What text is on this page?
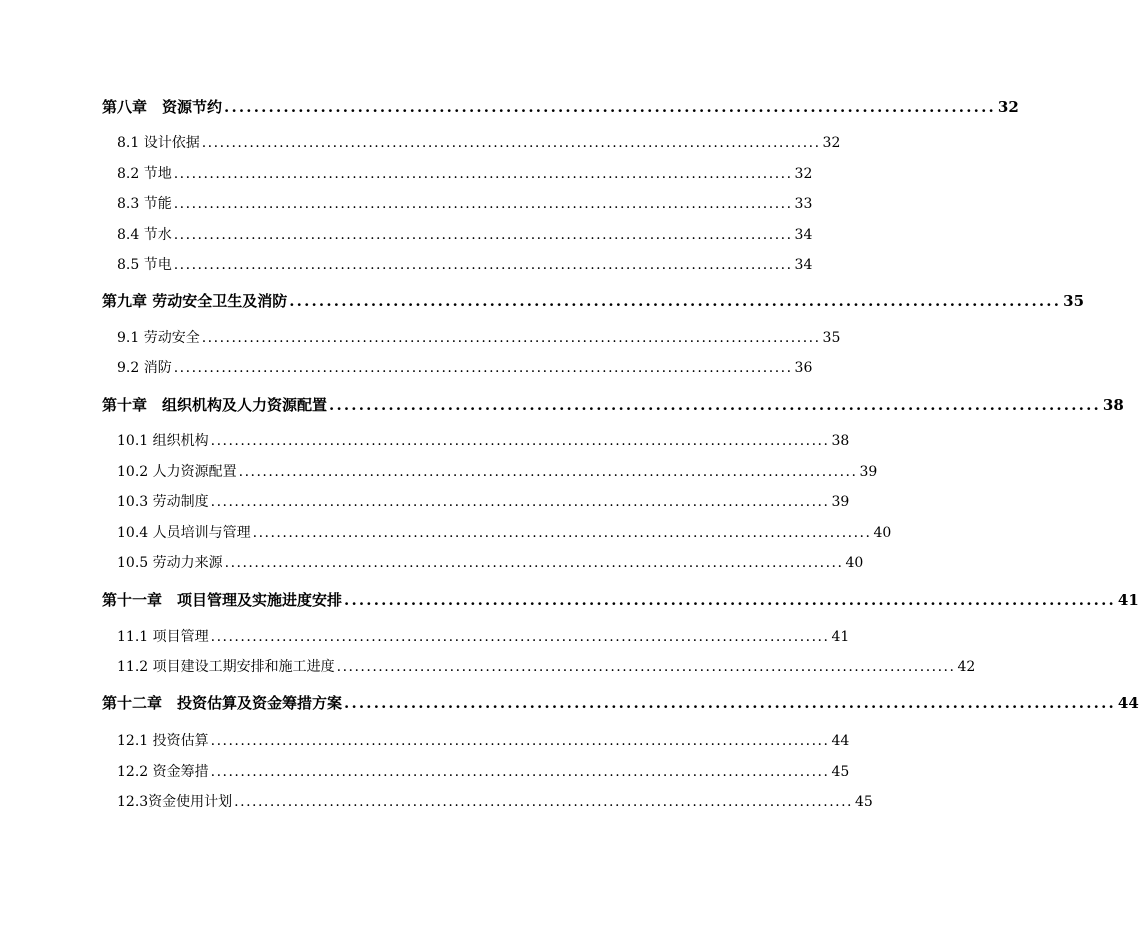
第八章　资源节约 ........................................................................................................ 32
8.1 设计依据 ........................................................................................................ 32
8.2 节地 ........................................................................................................ 32
8.3 节能 ........................................................................................................ 33
8.4 节水 ........................................................................................................ 34
8.5 节电 ........................................................................................................ 34
第九章 劳动安全卫生及消防 ........................................................................................................ 35
9.1 劳动安全 ........................................................................................................ 35
9.2 消防 ........................................................................................................ 36
第十章　组织机构及人力资源配置 ........................................................................................................ 38
10.1 组织机构 ........................................................................................................ 38
10.2 人力资源配置 ........................................................................................................ 39
10.3 劳动制度 ........................................................................................................ 39
10.4 人员培训与管理 ........................................................................................................ 40
10.5 劳动力来源 ........................................................................................................ 40
第十一章　项目管理及实施进度安排 ........................................................................................................ 41
11.1 项目管理 ........................................................................................................ 41
11.2 项目建设工期安排和施工进度 ........................................................................................................ 42
第十二章　投资估算及资金筹措方案 ........................................................................................................ 44
12.1 投资估算 ........................................................................................................ 44
12.2 资金筹措 ........................................................................................................ 45
12.3资金使用计划 ........................................................................................................ 45
